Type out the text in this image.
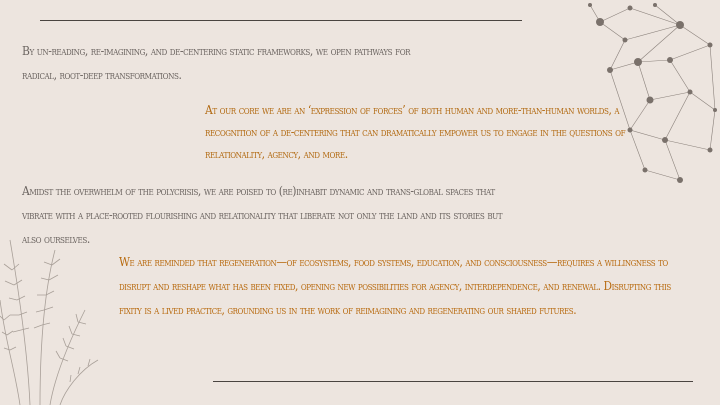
By un-reading, re-imagining, and de-centering static frameworks, we open pathways for radical, root-deep transformations.

At our core we are an ‘expression of forces’ of both human and more-than-human worlds, a recognition of a de-centering that can dramatically empower us to engage in the questions of relationality, agency, and more.

Amidst the overwhelm of the polycrisis, we are poised to (re)inhabit dynamic and trans-global spaces that vibrate with a place-rooted flourishing and relationality that liberate not only the land and its stories but also ourselves.

We are reminded that regeneration—of ecosystems, food systems, education, and consciousness—requires a willingness to disrupt and reshape what has been fixed, opening new possibilities for agency, interdependence, and renewal. Disrupting this fixity is a lived practice, grounding us in the work of reimagining and regenerating our shared futures.
